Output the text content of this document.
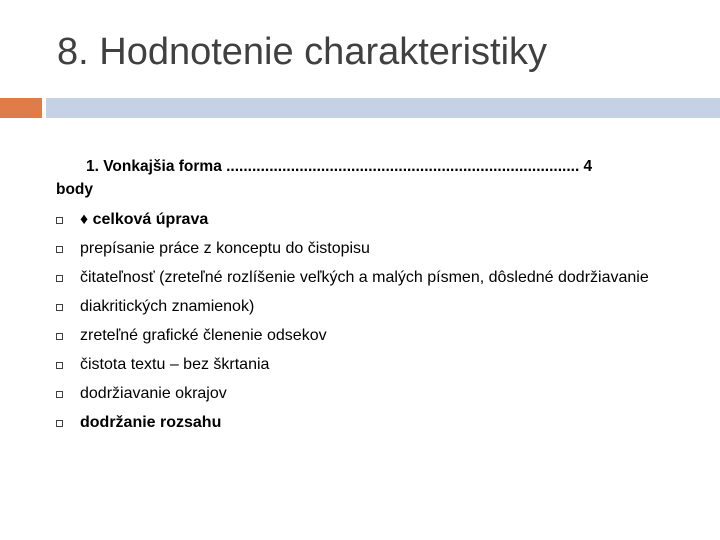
8. Hodnotenie charakteristiky
1. Vonkajšia forma .................................................................................. 4
body
♦ celková úprava
prepísanie práce z konceptu do čistopisu
čitateľnosť (zreteľné rozlíšenie veľkých a malých písmen, dôsledné dodržiavanie
diakritických znamienok)
zreteľné grafické členenie odsekov
čistota textu – bez škrtania
dodržiavanie okrajov
dodržanie rozsahu
